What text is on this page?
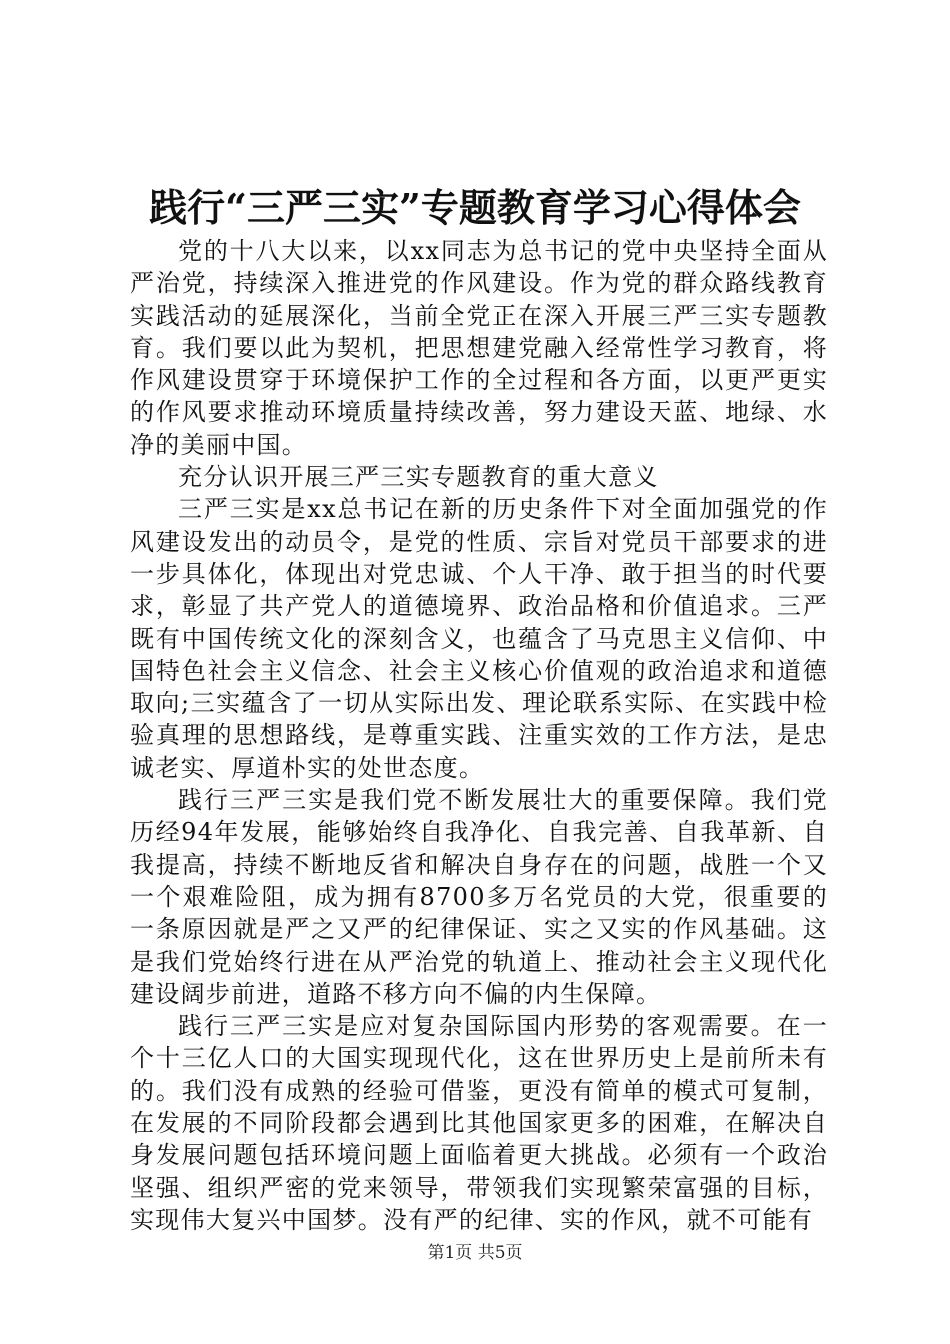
践行“三严三实”专题教育学习心得体会

党的十八大以来，以xx同志为总书记的党中央坚持全面从严治党，持续深入推进党的作风建设。作为党的群众路线教育实践活动的延展深化，当前全党正在深入开展三严三实专题教育。我们要以此为契机，把思想建党融入经常性学习教育，将作风建设贯穿于环境保护工作的全过程和各方面，以更严更实的作风要求推动环境质量持续改善，努力建设天蓝、地绿、水净的美丽中国。

充分认识开展三严三实专题教育的重大意义

三严三实是xx总书记在新的历史条件下对全面加强党的作风建设发出的动员令，是党的性质、宗旨对党员干部要求的进一步具体化，体现出对党忠诚、个人干净、敢于担当的时代要求，彰显了共产党人的道德境界、政治品格和价值追求。三严既有中国传统文化的深刻含义，也蕴含了马克思主义信仰、中国特色社会主义信念、社会主义核心价值观的政治追求和道德取向;三实蕴含了一切从实际出发、理论联系实际、在实践中检验真理的思想路线，是尊重实践、注重实效的工作方法，是忠诚老实、厚道朴实的处世态度。

践行三严三实是我们党不断发展壮大的重要保障。我们党历经94年发展，能够始终自我净化、自我完善、自我革新、自我提高，持续不断地反省和解决自身存在的问题，战胜一个又一个艰难险阻，成为拥有8700多万名党员的大党，很重要的一条原因就是严之又严的纪律保证、实之又实的作风基础。这是我们党始终行进在从严治党的轨道上、推动社会主义现代化建设阔步前进，道路不移方向不偏的内生保障。

践行三严三实是应对复杂国际国内形势的客观需要。在一个十三亿人口的大国实现现代化，这在世界历史上是前所未有的。我们没有成熟的经验可借鉴，更没有简单的模式可复制，在发展的不同阶段都会遇到比其他国家更多的困难，在解决自身发展问题包括环境问题上面临着更大挑战。必须有一个政治坚强、组织严密的党来领导，带领我们实现繁荣富强的目标，实现伟大复兴中国梦。没有严的纪律、实的作风，就不可能有

第1页 共5页
